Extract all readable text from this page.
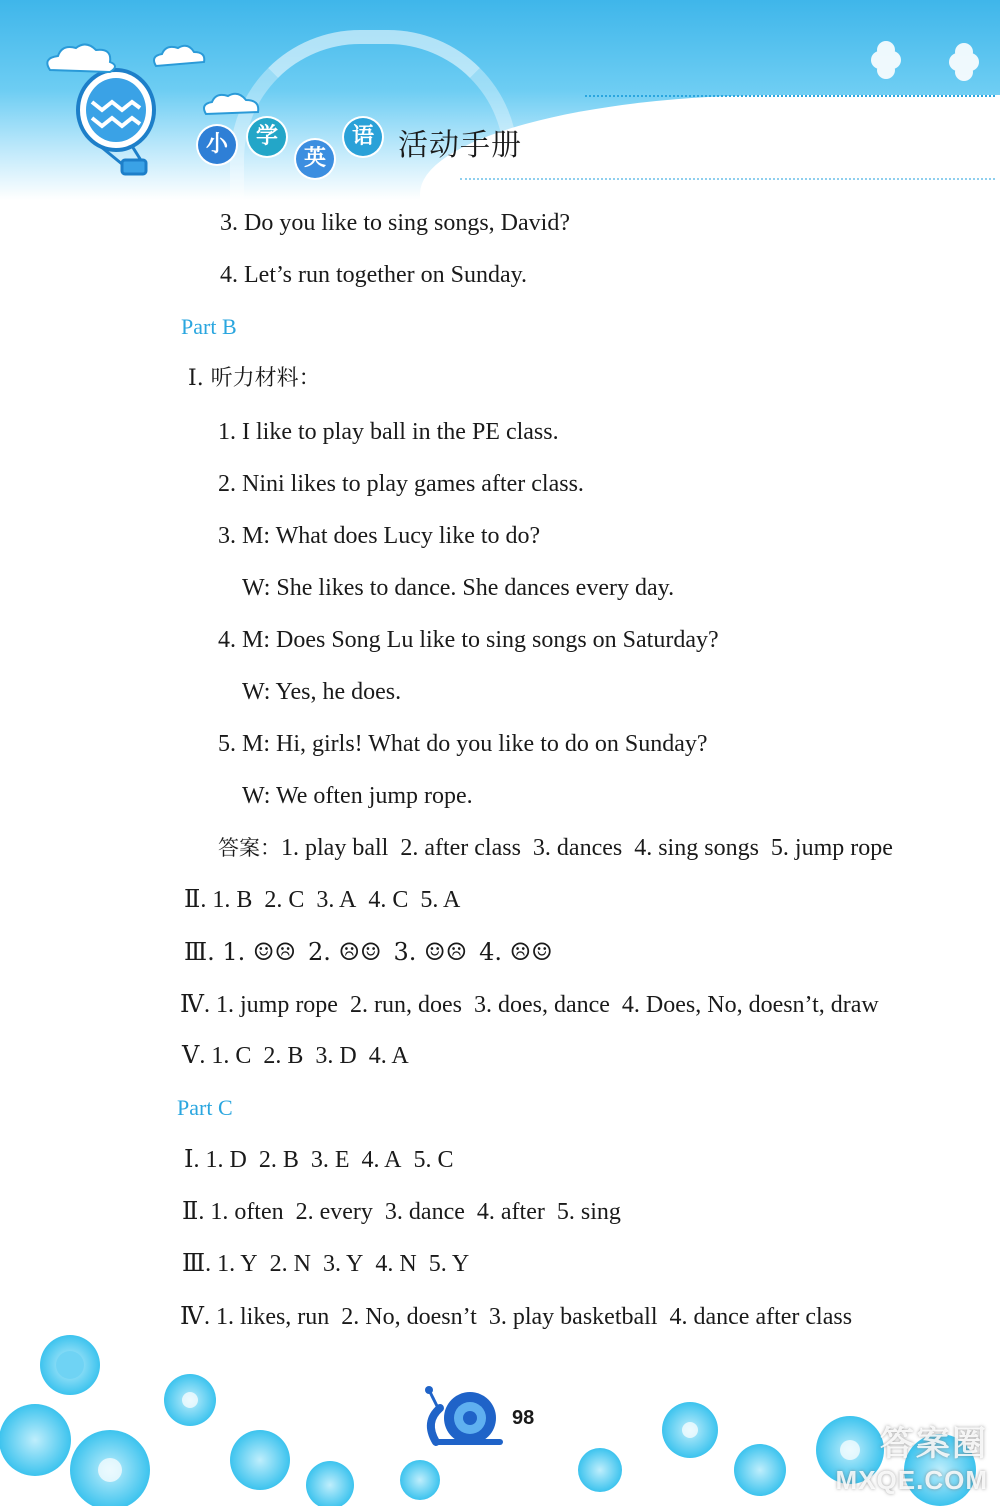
小	学
英
语 活动手册
3. Do you like to sing songs, David?
4. Let’s run together on Sunday.
Part B
Ⅰ. 听力材料：
1. I like to play ball in the PE class.
2. Nini likes to play games after class.
3. M: What does Lucy like to do?
W: She likes to dance. She dances every day.
4. M: Does Song Lu like to sing songs on Saturday?
W: Yes, he does.
5. M: Hi, girls! What do you like to do on Sunday?
W: We often jump rope.
答案：1. play ball 2. after class 3. dances 4. sing songs 5. jump rope
Ⅱ. 1. B 2. C 3. A 4. C 5. A
Ⅲ. 1. ☺☹ 2. ☹☺ 3. ☺☹ 4. ☹☺
Ⅳ. 1. jump rope 2. run, does 3. does, dance 4. Does, No, doesn’t, draw
Ⅴ. 1. C 2. B 3. D 4. A
Part C
Ⅰ. 1. D 2. B 3. E 4. A 5. C
Ⅱ. 1. often 2. every 3. dance 4. after 5. sing
Ⅲ. 1. Y 2. N 3. Y 4. N 5. Y
Ⅳ. 1. likes, run 2. No, doesn’t 3. play basketball 4. dance after class
98
答案圈
MXQE.COM
